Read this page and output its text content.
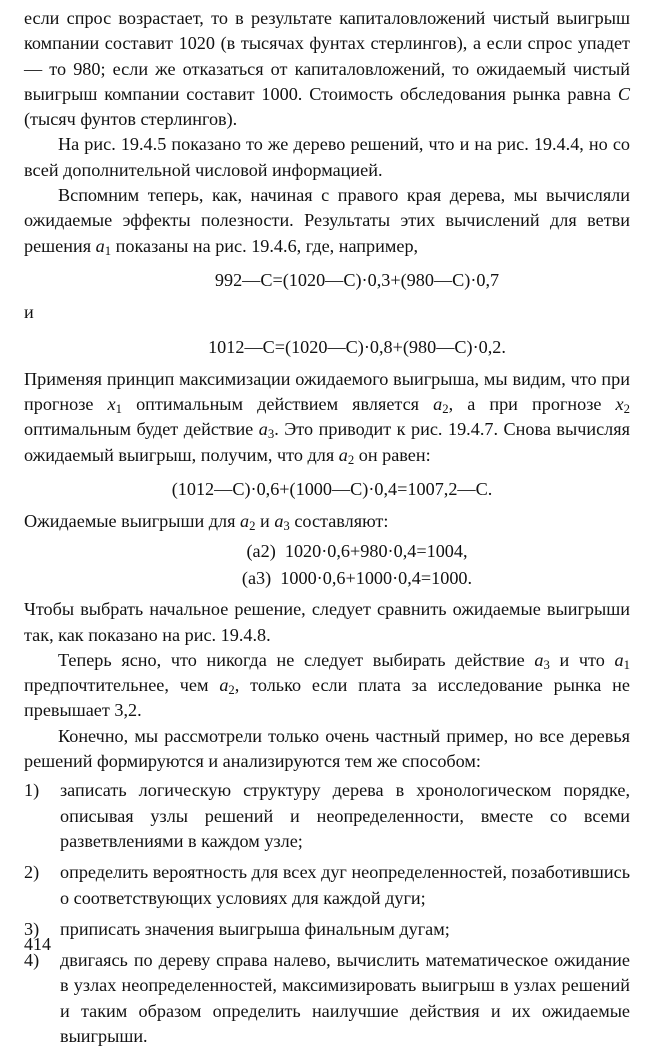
если спрос возрастает, то в результате капиталовложений чистый выигрыш компании составит 1020 (в тысячах фунтах стерлингов), а если спрос упадет — то 980; если же отказаться от капиталовложений, то ожидаемый чистый выигрыш компании составит 1000. Стоимость обследования рынка равна C (тысяч фунтов стерлингов).

На рис. 19.4.5 показано то же дерево решений, что и на рис. 19.4.4, но со всей дополнительной числовой информацией.

Вспомним теперь, как, начиная с правого края дерева, мы вычисляли ожидаемые эффекты полезности. Результаты этих вычислений для ветви решения $a_1$ показаны на рис. 19.4.6, где, например,

992—C=(1020—C)·0,3+(980—C)·0,7

и

1012—C=(1020—C)·0,8+(980—C)·0,2.

Применяя принцип максимизации ожидаемого выигрыша, мы видим, что при прогнозе $x_1$ оптимальным действием является $a_2$, а при прогнозе $x_2$ оптимальным будет действие $a_3$. Это приводит к рис. 19.4.7. Снова вычисляя ожидаемый выигрыш, получим, что для $a_2$ он равен:

(1012—C)·0,6+(1000—C)·0,4=1007,2—C.

Ожидаемые выигрыши для $a_2$ и $a_3$ составляют:

(a2) 1020·0,6+980·0,4=1004,
(a3) 1000·0,6+1000·0,4=1000.

Чтобы выбрать начальное решение, следует сравнить ожидаемые выигрыши так, как показано на рис. 19.4.8.

Теперь ясно, что никогда не следует выбирать действие $a_3$ и что $a_1$ предпочтительнее, чем $a_2$, только если плата за исследование рынка не превышает 3,2.

Конечно, мы рассмотрели только очень частный пример, но все деревья решений формируются и анализируются тем же способом:

1)	записать логическую структуру дерева в хронологическом порядке, описывая узлы решений и неопределенности, вместе со всеми разветвлениями в каждом узле;
2)	определить вероятность для всех дуг неопределенностей, позаботившись о соответствующих условиях для каждой дуги;
3)	приписать значения выигрыша финальным дугам;
4)	двигаясь по дереву справа налево, вычислить математическое ожидание в узлах неопределенностей, максимизировать выигрыш в узлах решений и таким образом определить наилучшие действия и их ожидаемые выигрыши.
414
